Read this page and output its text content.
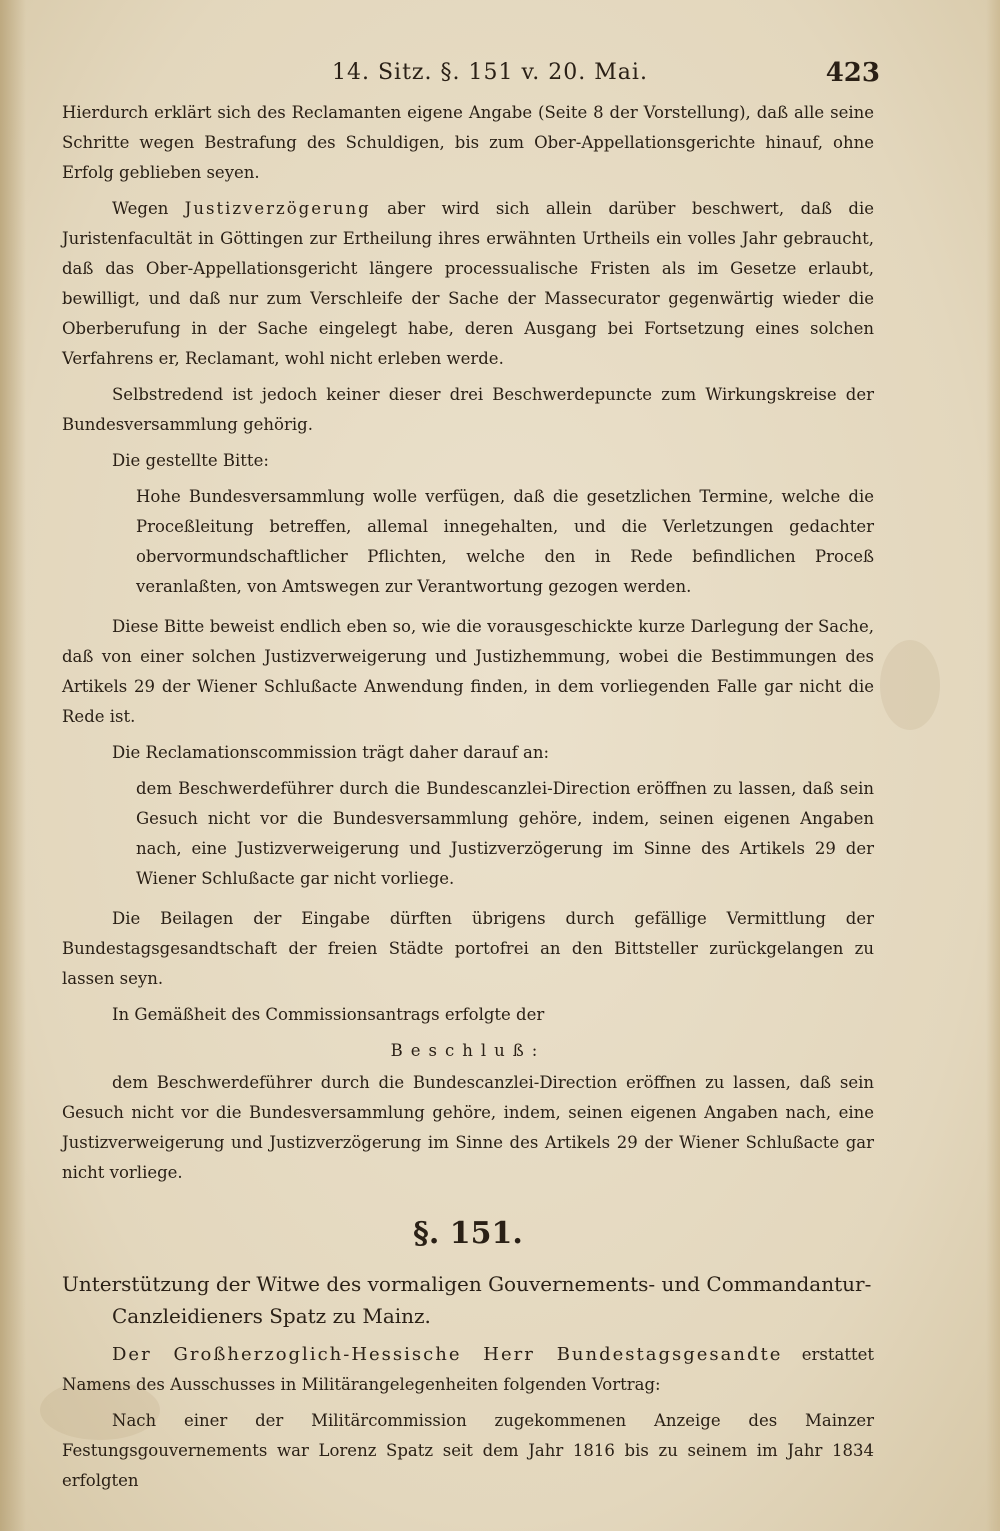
14. Sitz. §. 151 v. 20. Mai.	423

Hierdurch erklärt sich des Reclamanten eigene Angabe (Seite 8 der Vorstellung), daß alle seine Schritte wegen Bestrafung des Schuldigen, bis zum Ober-Appellationsgerichte hinauf, ohne Erfolg geblieben seyen.

Wegen Justizverzögerung aber wird sich allein darüber beschwert, daß die Juristenfacultät in Göttingen zur Ertheilung ihres erwähnten Urtheils ein volles Jahr gebraucht, daß das Ober-Appellationsgericht längere processualische Fristen als im Gesetze erlaubt, bewilligt, und daß nur zum Verschleife der Sache der Massecurator gegenwärtig wieder die Oberberufung in der Sache eingelegt habe, deren Ausgang bei Fortsetzung eines solchen Verfahrens er, Reclamant, wohl nicht erleben werde.

Selbstredend ist jedoch keiner dieser drei Beschwerdepuncte zum Wirkungskreise der Bundesversammlung gehörig.

Die gestellte Bitte:

Hohe Bundesversammlung wolle verfügen, daß die gesetzlichen Termine, welche die Proceßleitung betreffen, allemal innegehalten, und die Verletzungen gedachter obervormundschaftlicher Pflichten, welche den in Rede befindlichen Proceß veranlaßten, von Amtswegen zur Verantwortung gezogen werden.

Diese Bitte beweist endlich eben so, wie die vorausgeschickte kurze Darlegung der Sache, daß von einer solchen Justizverweigerung und Justizhemmung, wobei die Bestimmungen des Artikels 29 der Wiener Schlußacte Anwendung finden, in dem vorliegenden Falle gar nicht die Rede ist.

Die Reclamationscommission trägt daher darauf an:

dem Beschwerdeführer durch die Bundescanzlei-Direction eröffnen zu lassen, daß sein Gesuch nicht vor die Bundesversammlung gehöre, indem, seinen eigenen Angaben nach, eine Justizverweigerung und Justizverzögerung im Sinne des Artikels 29 der Wiener Schlußacte gar nicht vorliege.

Die Beilagen der Eingabe dürften übrigens durch gefällige Vermittlung der Bundestagsgesandtschaft der freien Städte portofrei an den Bittsteller zurückgelangen zu lassen seyn.

In Gemäßheit des Commissionsantrags erfolgte der

Beschluß:

dem Beschwerdeführer durch die Bundescanzlei-Direction eröffnen zu lassen, daß sein Gesuch nicht vor die Bundesversammlung gehöre, indem, seinen eigenen Angaben nach, eine Justizverweigerung und Justizverzögerung im Sinne des Artikels 29 der Wiener Schlußacte gar nicht vorliege.

§. 151.

Unterstützung der Witwe des vormaligen Gouvernements- und Commandantur-Canzleidieners Spatz zu Mainz.

Der Großherzoglich-Hessische Herr Bundestagsgesandte erstattet Namens des Ausschusses in Militärangelegenheiten folgenden Vortrag:

Nach einer der Militärcommission zugekommenen Anzeige des Mainzer Festungsgouvernements war Lorenz Spatz seit dem Jahr 1816 bis zu seinem im Jahr 1834 erfolgten
